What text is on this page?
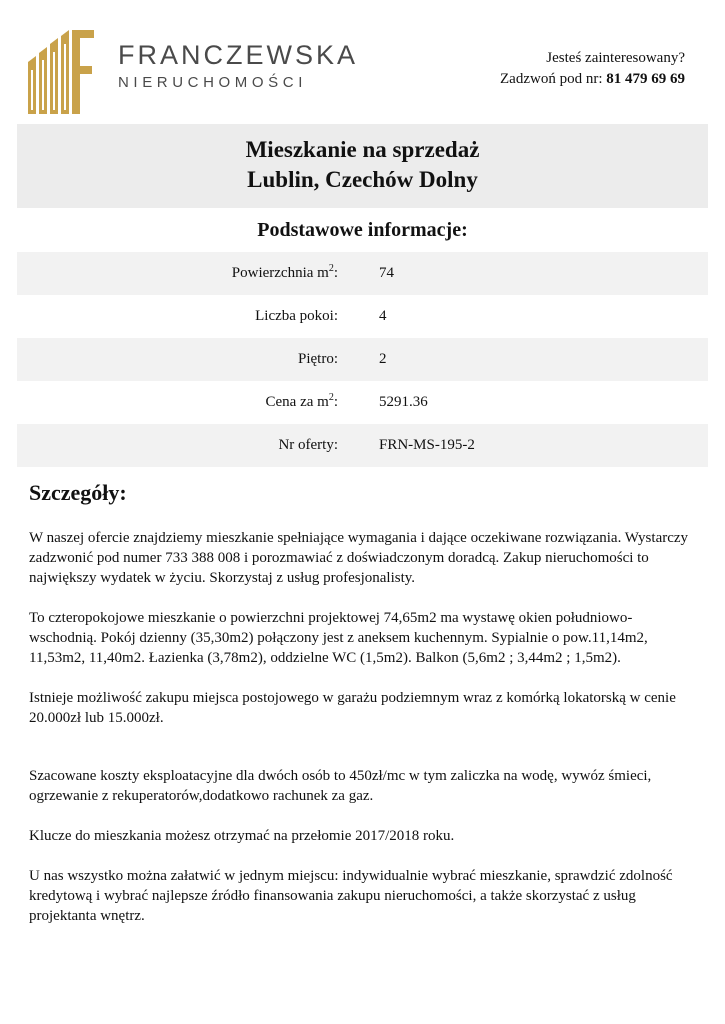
FRANCZEWSKA
NIERUCHOMOŚCI
Jesteś zainteresowany?
Zadzwoń pod nr: 81 479 69 69
Mieszkanie na sprzedaż
Lublin, Czechów Dolny
Podstawowe informacje:
Powierzchnia $m^2$:	74
Liczba pokoi:	4
Piętro:	2
Cena za $m^2$:	5291.36
Nr oferty:	FRN-MS-195-2
Szczegóły:

W naszej ofercie znajdziemy mieszkanie spełniające wymagania i dające oczekiwane rozwiązania. Wystarczy zadzwonić pod numer 733 388 008 i porozmawiać z doświadczonym doradcą. Zakup nieruchomości to największy wydatek w życiu. Skorzystaj z usług profesjonalisty.

To czteropokojowe mieszkanie o powierzchni projektowej 74,65m2 ma wystawę okien południowo-wschodnią. Pokój dzienny (35,30m2) połączony jest z aneksem kuchennym. Sypialnie o pow.11,14m2, 11,53m2, 11,40m2. Łazienka (3,78m2), oddzielne WC (1,5m2). Balkon (5,6m2 ; 3,44m2 ; 1,5m2).

Istnieje możliwość zakupu miejsca postojowego w garażu podziemnym wraz z komórką lokatorską w cenie 20.000zł lub 15.000zł.

Szacowane koszty eksploatacyjne dla dwóch osób to 450zł/mc w tym zaliczka na wodę, wywóz śmieci, ogrzewanie z rekuperatorów,dodatkowo rachunek za gaz.

Klucze do mieszkania możesz otrzymać na przełomie 2017/2018 roku.

U nas wszystko można załatwić w jednym miejscu: indywidualnie wybrać mieszkanie, sprawdzić zdolność kredytową i wybrać najlepsze źródło finansowania zakupu nieruchomości, a także skorzystać z usług projektanta wnętrz.
